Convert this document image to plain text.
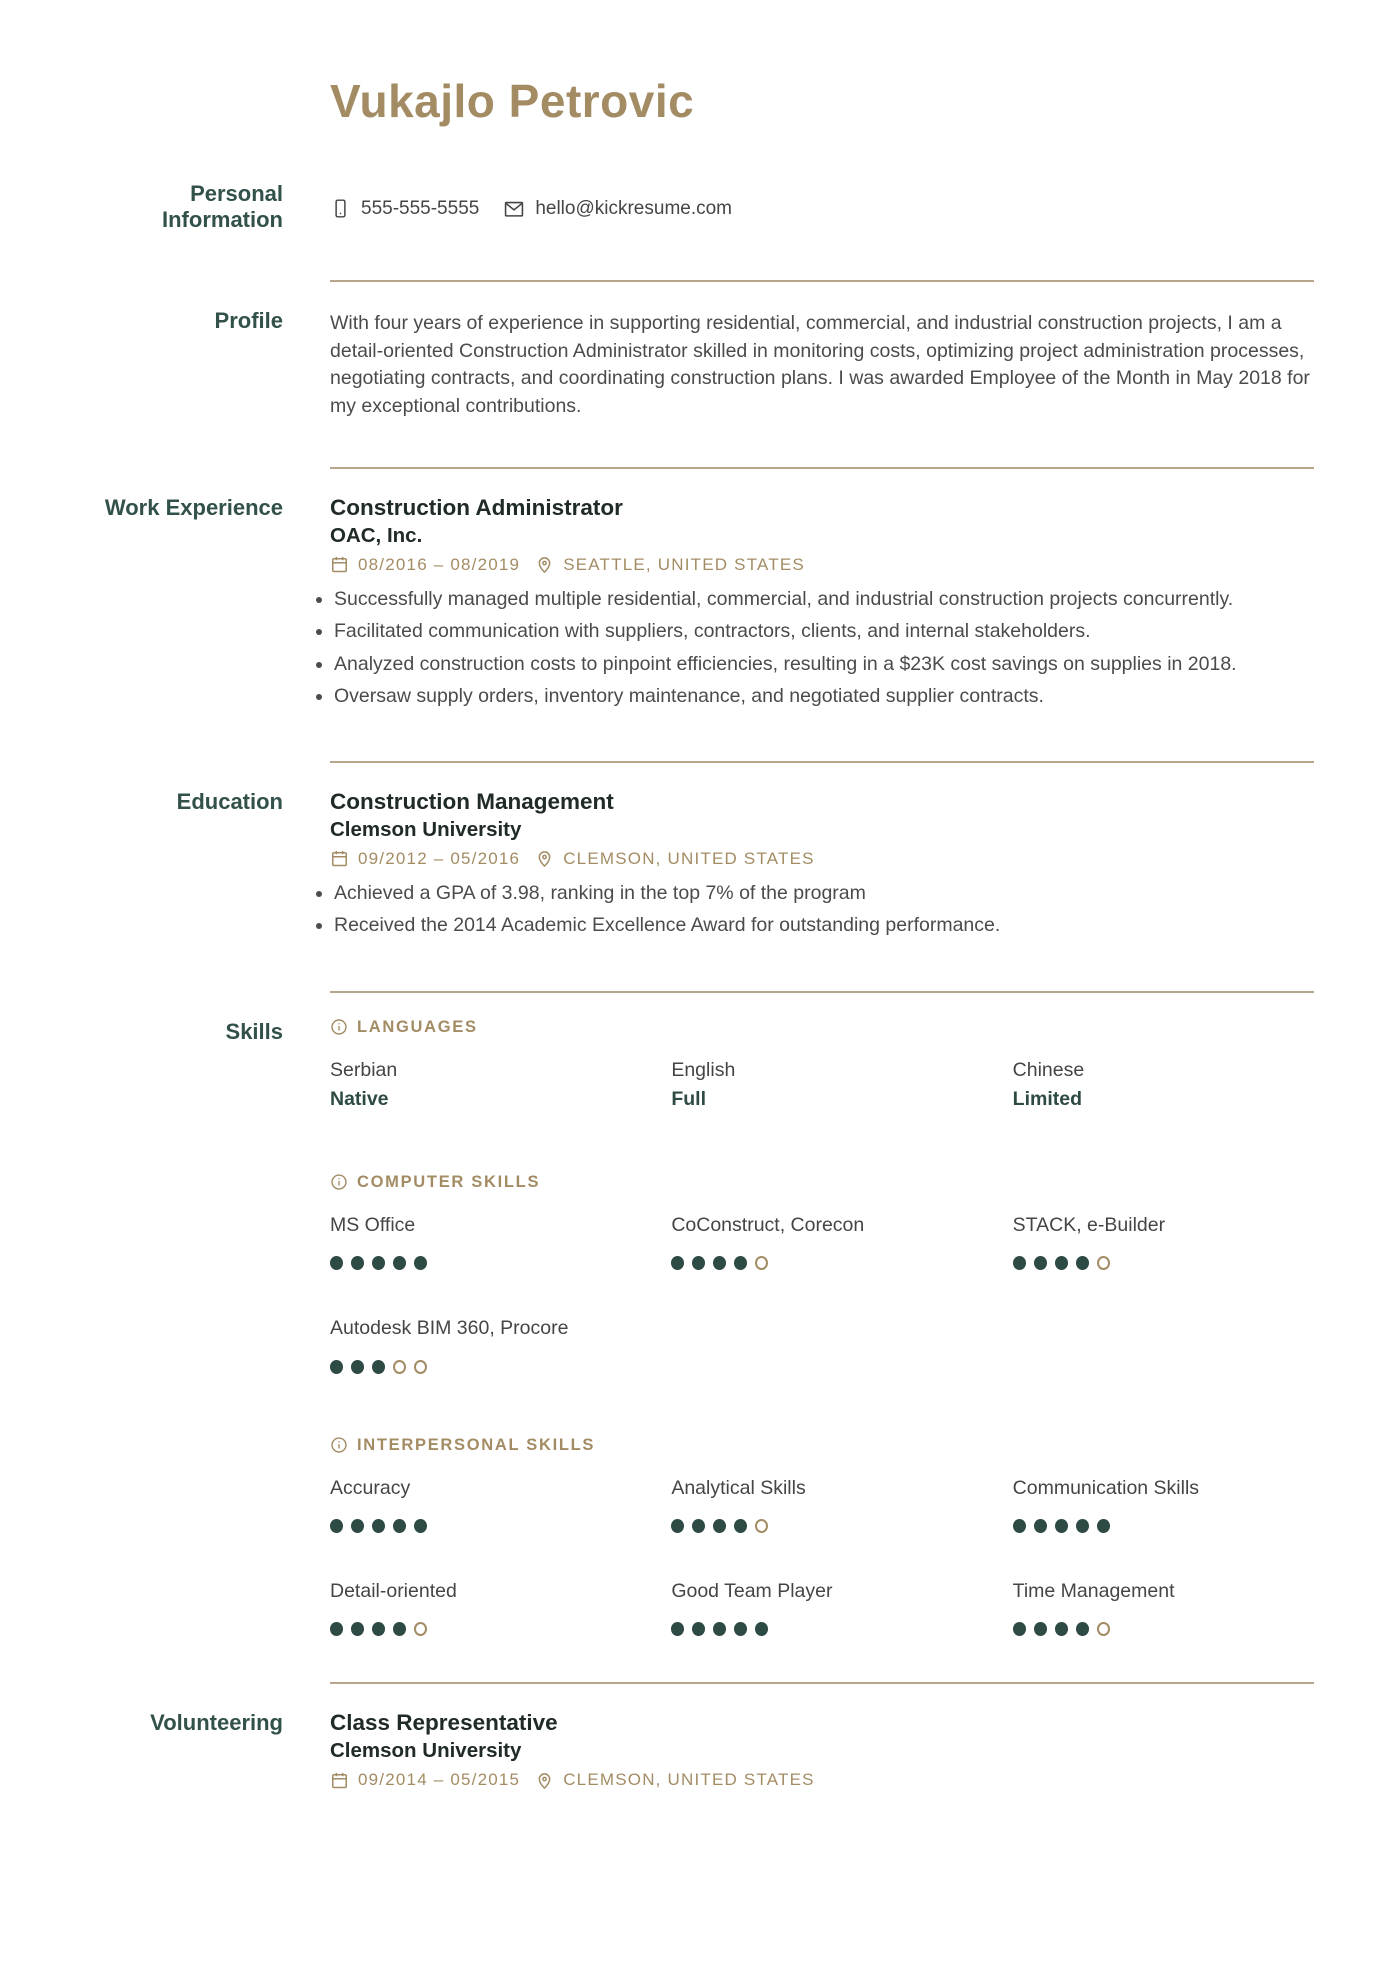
Vukajlo Petrovic
Personal
Information	555-555-5555	hello@kickresume.com
Profile With four years of experience in supporting residential, commercial, and industrial construction projects, I am a detail-oriented Construction Administrator skilled in monitoring costs, optimizing project administration processes, negotiating contracts, and coordinating construction plans. I was awarded Employee of the Month in May 2018 for my exceptional contributions.

Work Experience Construction Administrator
OAC, Inc.
08/2016 – 08/2019	SEATTLE, UNITED STATES
• Successfully managed multiple residential, commercial, and industrial construction projects concurrently.
• Facilitated communication with suppliers, contractors, clients, and internal stakeholders.
• Analyzed construction costs to pinpoint efficiencies, resulting in a $23K cost savings on supplies in 2018.
• Oversaw supply orders, inventory maintenance, and negotiated supplier contracts.
Education Construction Management
Clemson University
09/2012 – 05/2016	CLEMSON, UNITED STATES
• Achieved a GPA of 3.98, ranking in the top 7% of the program
• Received the 2014 Academic Excellence Award for outstanding performance.
Skills	LANGUAGES
Serbian
Native
English
Full
Chinese
Limited
COMPUTER SKILLS
MS Office	CoConstruct, Corecon	STACK, e-Builder
Autodesk BIM 360, Procore
INTERPERSONAL SKILLS
Accuracy	Analytical Skills	Communication Skills
Detail-oriented	Good Team Player	Time Management
Volunteering Class Representative
Clemson University
09/2014 – 05/2015	CLEMSON, UNITED STATES
